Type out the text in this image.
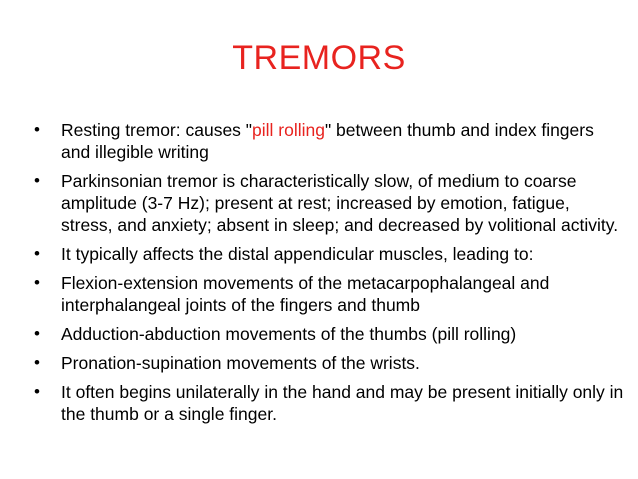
TREMORS
•	Resting tremor: causes "pill rolling" between thumb and index fingers and illegible writing
•	Parkinsonian tremor is characteristically slow, of medium to coarse amplitude (3-7 Hz); present at rest; increased by emotion, fatigue, stress, and anxiety; absent in sleep; and decreased by volitional activity.
•	It typically affects the distal appendicular muscles, leading to:
•	Flexion-extension movements of the metacarpophalangeal and interphalangeal joints of the fingers and thumb
•	Adduction-abduction movements of the thumbs (pill rolling)
•	Pronation-supination movements of the wrists.
•	It often begins unilaterally in the hand and may be present initially only in the thumb or a single finger.
